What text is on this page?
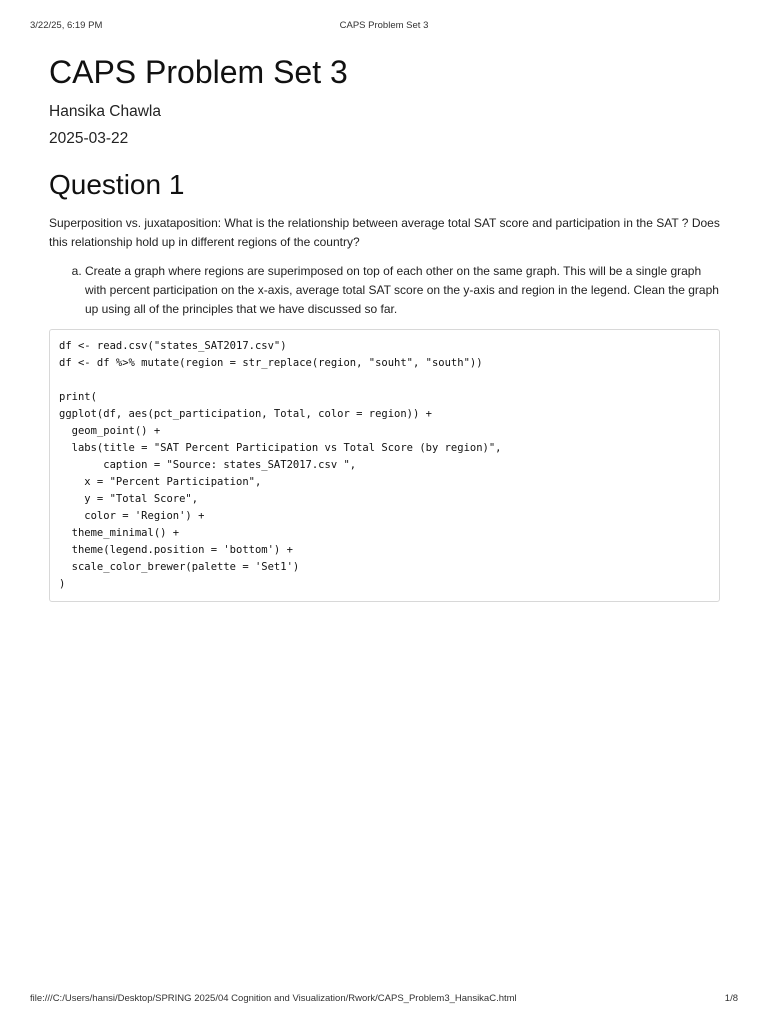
3/22/25, 6:19 PM	CAPS Problem Set 3
CAPS Problem Set 3
Hansika Chawla
2025-03-22
Question 1

Superposition vs. juxataposition: What is the relationship between average total SAT score and participation in the SAT ? Does this relationship hold up in different regions of the country?

a. Create a graph where regions are superimposed on top of each other on the same graph. This will be a single graph with percent participation on the x-axis, average total SAT score on the y-axis and region in the legend. Clean the graph up using all of the principles that we have discussed so far.
df <- read.csv("states_SAT2017.csv")
df <- df %>% mutate(region = str_replace(region, "souht", "south"))
print(
ggplot(df, aes(pct_participation, Total, color = region)) +
geom_point() +
labs(title = "SAT Percent Participation vs Total Score (by region)",
caption = "Source: states_SAT2017.csv ",
x = "Percent Participation",
y = "Total Score",
color = 'Region') +
theme_minimal() +
theme(legend.position = 'bottom') +
scale_color_brewer(palette = 'Set1')
)
file:///C:/Users/hansi/Desktop/SPRING 2025/04 Cognition and Visualization/Rwork/CAPS_Problem3_HansikaC.html	1/8
